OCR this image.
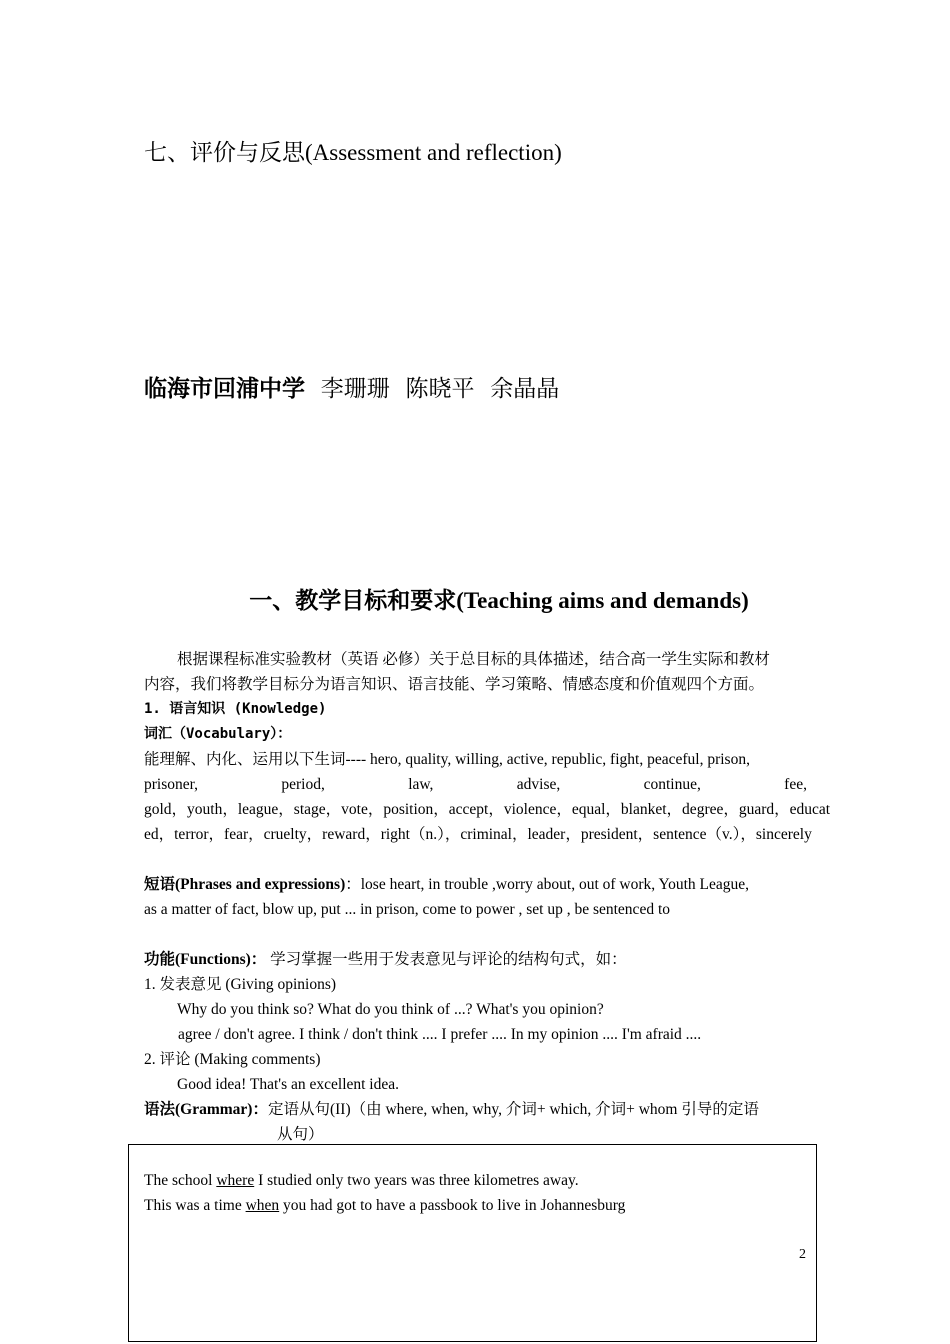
七、评价与反思(Assessment and reflection)
临海市回浦中学 李珊珊 陈晓平 余晶晶
一、教学目标和要求(Teaching aims and demands)
根据课程标准实验教材（英语 必修）关于总目标的具体描述，结合高一学生实际和教材
内容，我们将教学目标分为语言知识、语言技能、学习策略、情感态度和价值观四个方面。
1. 语言知识 (Knowledge)
词汇（Vocabulary）：
能理解、内化、运用以下生词---- hero, quality, willing, active, republic, fight, peaceful, prison,
prisoner,	period,	law,	advise,	continue,	fee,
gold，youth，league，stage，vote，position，accept，violence，equal，blanket，degree，guard，educat
ed，terror，fear，cruelty，reward，right（n.），criminal，leader，president，sentence（v.），sincerely
短语(Phrases and expressions)：lose heart, in trouble ,worry about, out of work, Youth League,
as a matter of fact, blow up, put ... in prison, come to power , set up , be sentenced to
功能(Functions)： 学习掌握一些用于发表意见与评论的结构句式，如：
1. 发表意见 (Giving opinions)
Why do you think so? What do you think of ...? What's you opinion?
agree / don't agree. I think / don't think .... I prefer .... In my opinion .... I'm afraid ....
2. 评论 (Making comments)
Good idea! That's an excellent idea.
语法(Grammar)：定语从句(II)（由 where, when, why, 介词+ which, 介词+ whom 引导的定语
从句）
The school where I studied only two years was three kilometres away.
This was a time when you had got to have a passbook to live in Johannesburg
2
